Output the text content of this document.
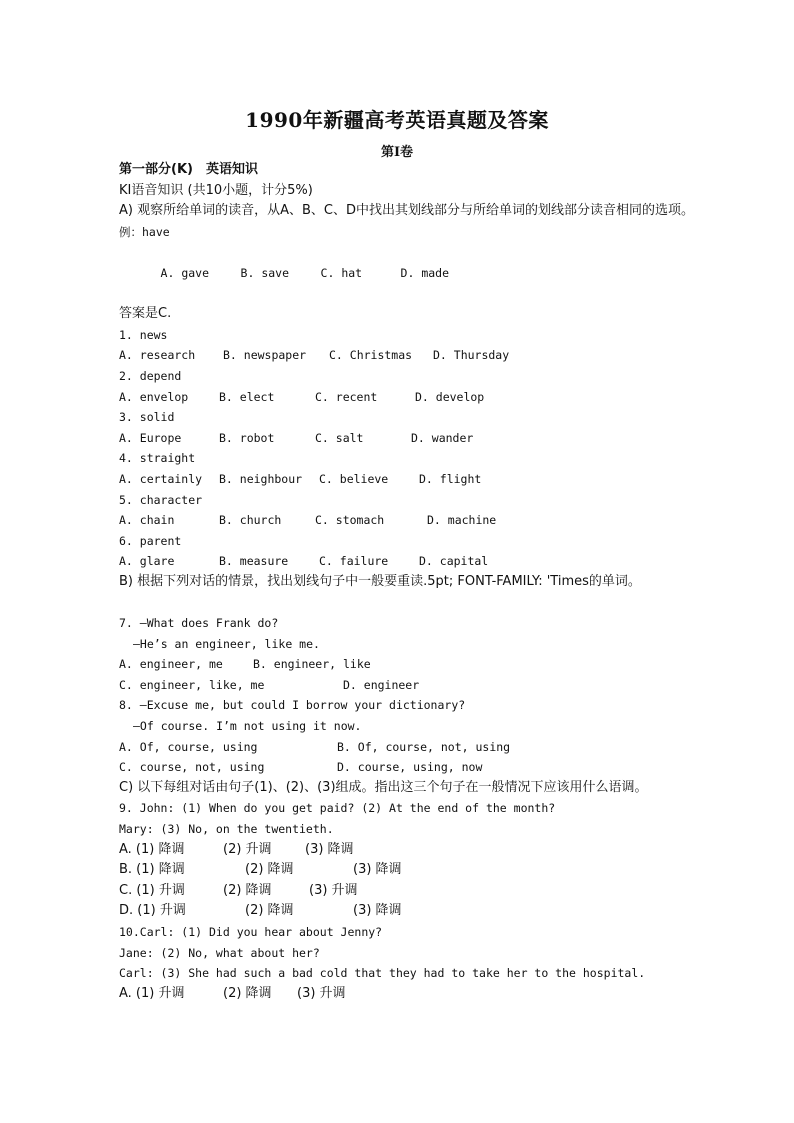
1990年新疆高考英语真题及答案
第Ⅰ卷
第一部分(K)　英语知识
KⅠ语音知识 (共10小题，计分5%)
A) 观察所给单词的读音，从A、B、C、D中找出其划线部分与所给单词的划线部分读音相同的选项。
例：have

A. gave	B. save	C. hat	D. made

答案是C.
1. news
A. research B. newspaper C. Christmas D. Thursday
2. depend
A. envelop	B. elect	C. recent	D. develop
3. solid
A. Europe	B. robot	C. salt	D. wander
4. straight
A. certainly B. neighbour C. believe	D. flight
5. character
A. chain	B. church	C. stomach	D. machine
6. parent
A. glare	B. measure	C. failure	D. capital
B) 根据下列对话的情景，找出划线句子中一般要重读.5pt; FONT-FAMILY: 'Times的单词。

7. —What does Frank do?
—He’s an engineer, like me.
A. engineer, me	B. engineer, like
C. engineer, like, me	D. engineer
8. —Excuse me, but could I borrow your dictionary?
—Of course. I’m not using it now.
A. Of, course, using	B. Of, course, not, using
C. course, not, using	D. course, using, now
C) 以下每组对话由句子(1)、(2)、(3)组成。指出这三个句子在一般情况下应该用什么语调。
9. John: (1) When do you get paid? (2) At the end of the month?
Mary: (3) No, on the twentieth.
A. (1) 降调	(2) 升调	(3) 降调
B. (1) 降调	(2) 降调	(3) 降调
C. (1) 升调	(2) 降调	(3) 升调
D. (1) 升调	(2) 降调	(3) 降调
10.Carl: (1) Did you hear about Jenny?
Jane: (2) No, what about her?
Carl: (3) She had such a bad cold that they had to take her to the hospital.
A. (1) 升调	(2) 降调 (3) 升调
